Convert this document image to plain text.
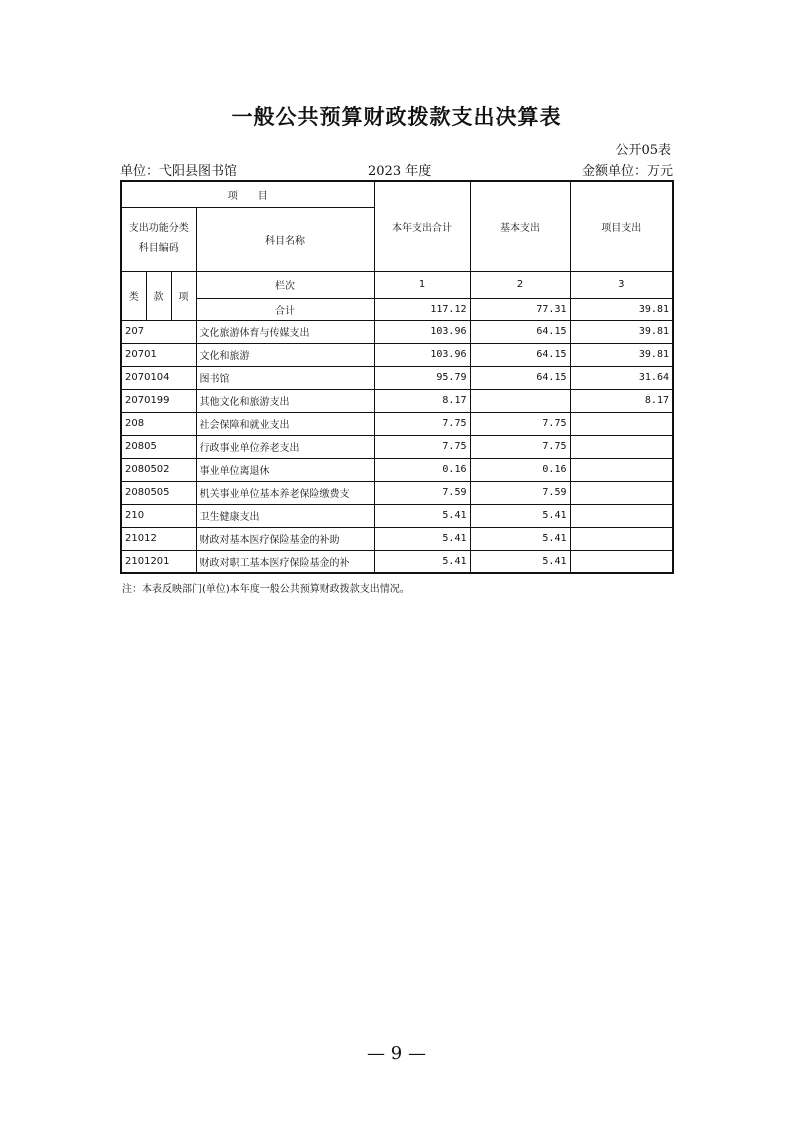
一般公共预算财政拨款支出决算表
公开05表
单位：弋阳县图书馆	2023 年度	金额单位：万元
项　　目				本年支出合计	基本支出	项目支出

支出功能分类
科目编码			科目名称			

类	款	项	栏次	1	2	3
			合计	117.12	77.31	39.81
207			文化旅游体育与传媒支出	103.96	64.15	39.81
20701			文化和旅游	103.96	64.15	39.81
2070104			图书馆	95.79	64.15	31.64
2070199			其他文化和旅游支出	8.17		8.17
208			社会保障和就业支出	7.75	7.75	
20805			行政事业单位养老支出	7.75	7.75	
2080502			事业单位离退休	0.16	0.16	
2080505			机关事业单位基本养老保险缴费支	7.59	7.59	
210			卫生健康支出	5.41	5.41	
21012			财政对基本医疗保险基金的补助	5.41	5.41	
2101201			财政对职工基本医疗保险基金的补	5.41	5.41	
注：本表反映部门(单位)本年度一般公共预算财政拨款支出情况。
— 9 —
